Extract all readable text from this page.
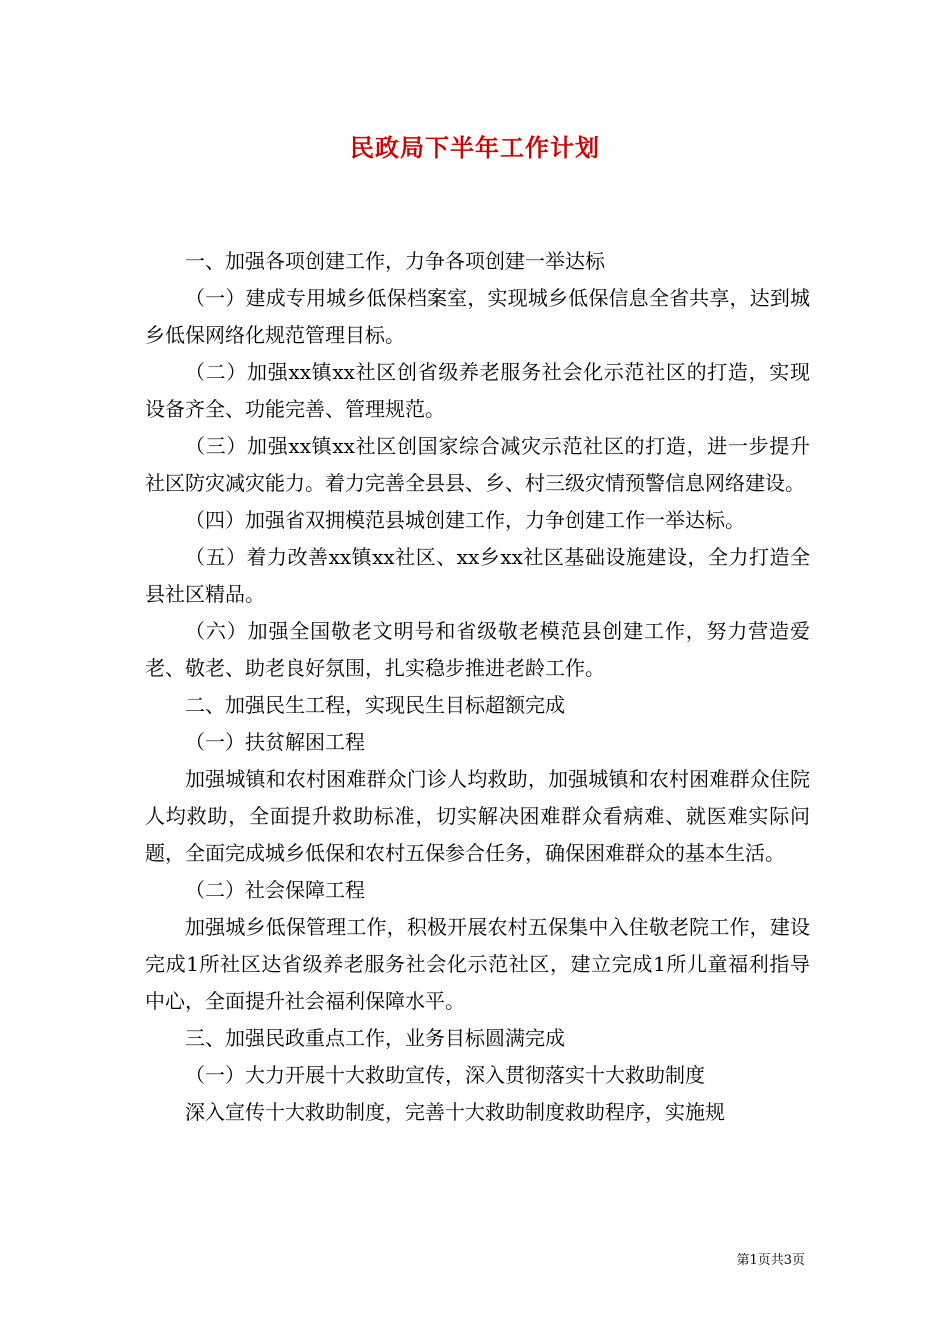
民政局下半年工作计划

一、加强各项创建工作，力争各项创建一举达标

（一）建成专用城乡低保档案室，实现城乡低保信息全省共享，达到城乡低保网络化规范管理目标。

（二）加强xx镇xx社区创省级养老服务社会化示范社区的打造，实现设备齐全、功能完善、管理规范。

（三）加强xx镇xx社区创国家综合减灾示范社区的打造，进一步提升社区防灾减灾能力。着力完善全县县、乡、村三级灾情预警信息网络建设。

（四）加强省双拥模范县城创建工作，力争创建工作一举达标。

（五）着力改善xx镇xx社区、xx乡xx社区基础设施建设，全力打造全县社区精品。

（六）加强全国敬老文明号和省级敬老模范县创建工作，努力营造爱老、敬老、助老良好氛围，扎实稳步推进老龄工作。

二、加强民生工程，实现民生目标超额完成

（一）扶贫解困工程

加强城镇和农村困难群众门诊人均救助，加强城镇和农村困难群众住院人均救助，全面提升救助标准，切实解决困难群众看病难、就医难实际问题，全面完成城乡低保和农村五保参合任务，确保困难群众的基本生活。

（二）社会保障工程

加强城乡低保管理工作，积极开展农村五保集中入住敬老院工作，建设完成1所社区达省级养老服务社会化示范社区，建立完成1所儿童福利指导中心，全面提升社会福利保障水平。

三、加强民政重点工作，业务目标圆满完成

（一）大力开展十大救助宣传，深入贯彻落实十大救助制度

深入宣传十大救助制度，完善十大救助制度救助程序，实施规

第1页共3页
